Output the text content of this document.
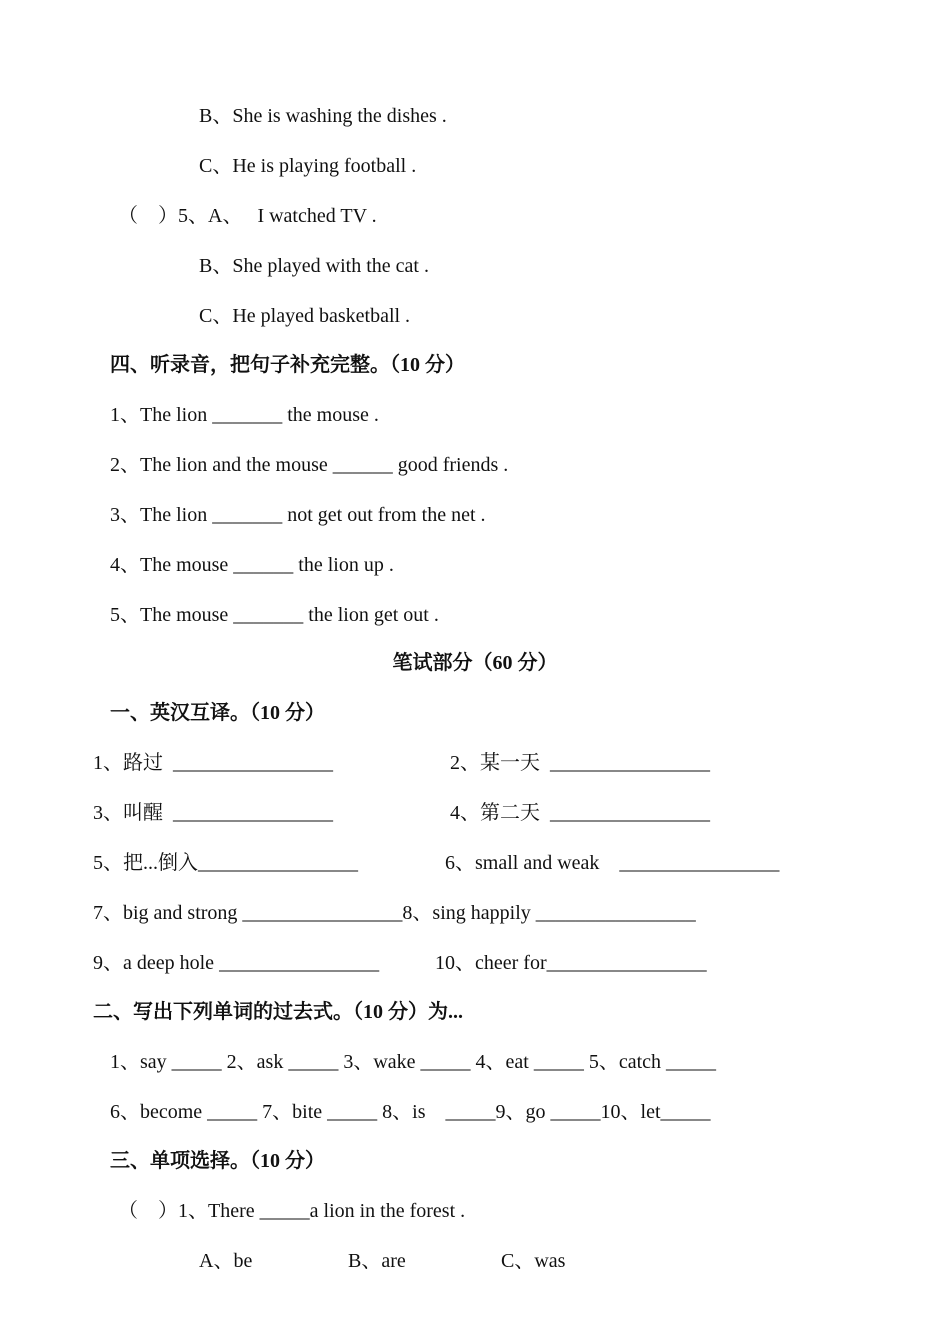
B、She is washing the dishes .
C、He is playing football .
（    ）5、A、   I watched TV .
B、She played with the cat .
C、He played basketball .
四、听录音，把句子补充完整。（10 分）
1、The lion _______ the mouse .
2、The lion and the mouse ______ good friends .
3、The lion _______ not get out from the net .
4、The mouse ______ the lion up .
5、The mouse _______ the lion get out .
笔试部分（60 分）
一、英汉互译。（10 分）
1、路过  ________________	2、某一天  ________________
3、叫醒  ________________	4、第二天  ________________
5、把...倒入________________	6、small and weak    ________________
7、big and strong ________________8、sing happily ________________
9、a deep hole ________________	10、cheer for________________
二、写出下列单词的过去式。（10 分）为...
1、say _____ 2、ask _____ 3、wake _____ 4、eat _____ 5、catch _____
6、become _____ 7、bite _____ 8、is    _____9、go _____10、let_____
三、单项选择。（10 分）
（    ）1、There _____a lion in the forest .
A、be	B、are	C、was
